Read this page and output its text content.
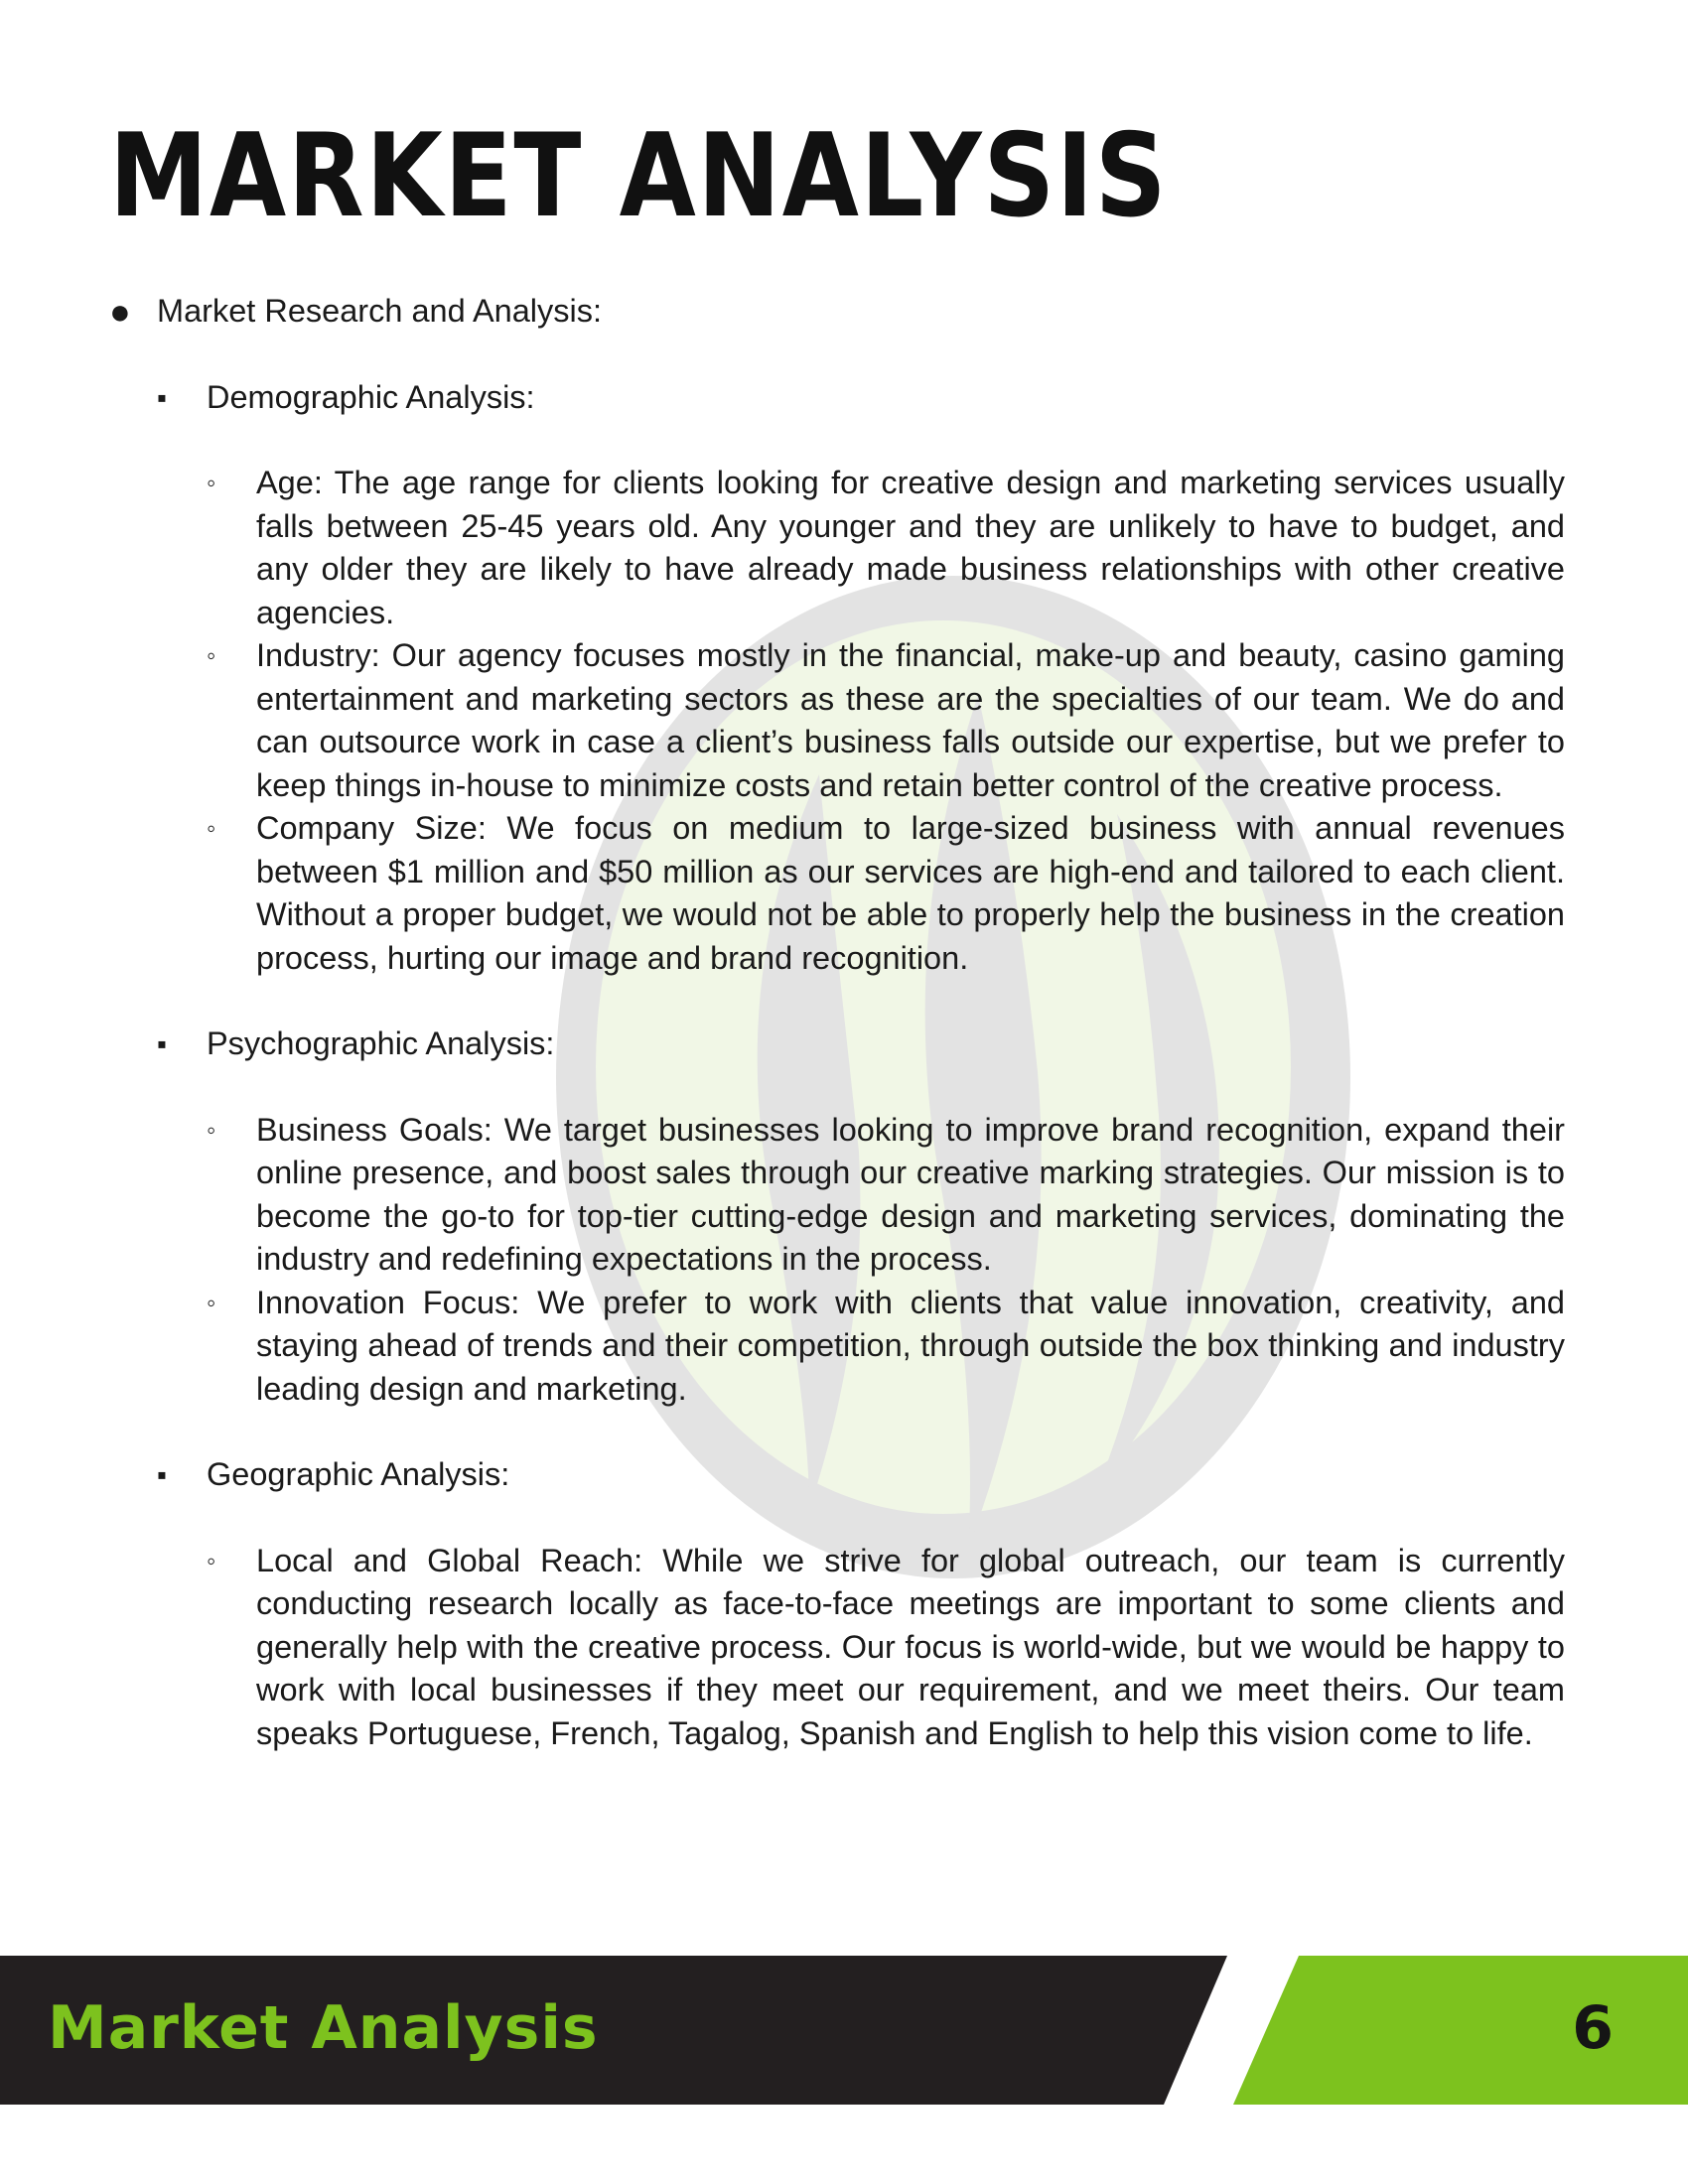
MARKET ANALYSIS
● Market Research and Analysis:
▪ Demographic Analysis:
◦ Age: The age range for clients looking for creative design and marketing services usually falls between 25-45 years old. Any younger and they are unlikely to have to budget, and any older they are likely to have already made business relationships with other creative agencies.
◦ Industry: Our agency focuses mostly in the financial, make-up and beauty, casino gaming entertainment and marketing sectors as these are the specialties of our team. We do and can outsource work in case a client’s business falls outside our expertise, but we prefer to keep things in-house to minimize costs and retain better control of the creative process.
◦ Company Size: We focus on medium to large-sized business with annual revenues between $1 million and $50 million as our services are high-end and tailored to each client. Without a proper budget, we would not be able to properly help the business in the creation process, hurting our image and brand recognition.
▪ Psychographic Analysis:
◦ Business Goals: We target businesses looking to improve brand recognition, expand their online presence, and boost sales through our creative marking strategies. Our mission is to become the go-to for top-tier cutting-edge design and marketing services, dominating the industry and redefining expectations in the process.
◦ Innovation Focus: We prefer to work with clients that value innovation, creativity, and staying ahead of trends and their competition, through outside the box thinking and industry leading design and marketing.
▪ Geographic Analysis:
◦ Local and Global Reach: While we strive for global outreach, our team is currently conducting research locally as face-to-face meetings are important to some clients and generally help with the creative process. Our focus is world-wide, but we would be happy to work with local businesses if they meet our requirement, and we meet theirs. Our team speaks Portuguese, French, Tagalog, Spanish and English to help this vision come to life.
Market Analysis	6
